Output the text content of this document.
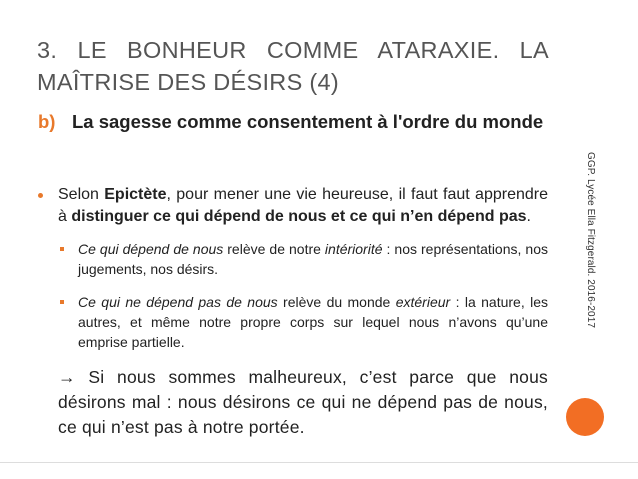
3. LE BONHEUR COMME ATARAXIE. LA MAÎTRISE DES DÉSIRS (4)
b) La sagesse comme consentement à l'ordre du monde
Selon Epictète, pour mener une vie heureuse, il faut faut apprendre à distinguer ce qui dépend de nous et ce qui n’en dépend pas.
Ce qui dépend de nous relève de notre intériorité : nos représentations, nos jugements, nos désirs.
Ce qui ne dépend pas de nous relève du monde extérieur : la nature, les autres, et même notre propre corps sur lequel nous n’avons qu’une emprise partielle.
→ Si nous sommes malheureux, c’est parce que nous désirons mal : nous désirons ce qui ne dépend pas de nous, ce qui n’est pas à notre portée.
GGP. Lycée Ella Fitzgerald. 2016-2017
